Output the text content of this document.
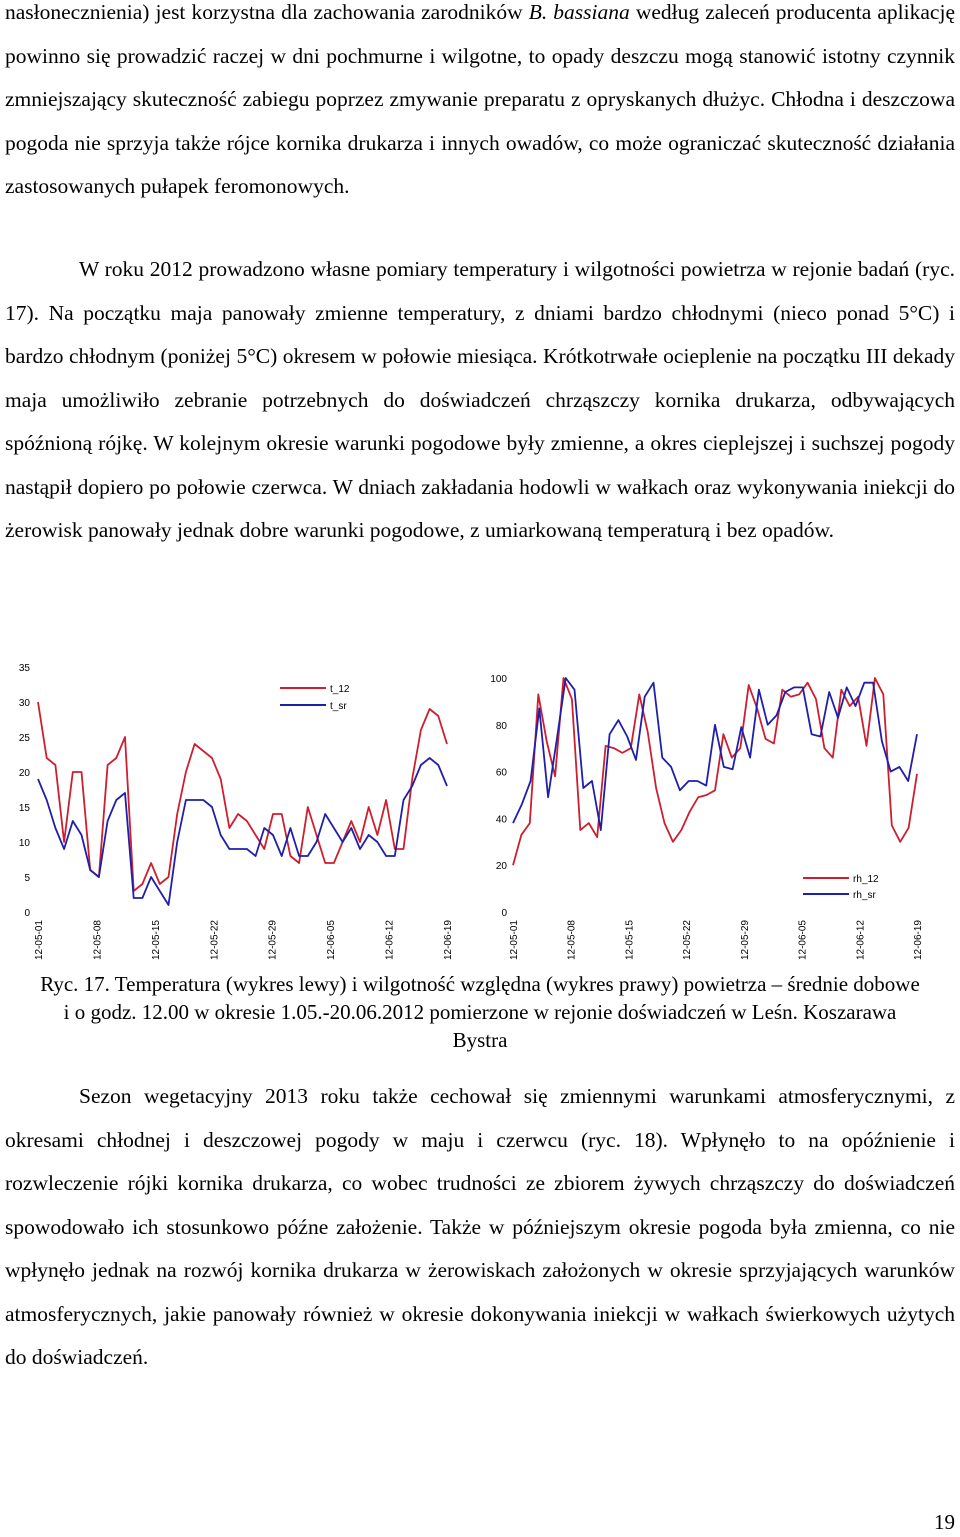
nasłonecznienia) jest korzystna dla zachowania zarodników B. bassiana według zaleceń producenta aplikację powinno się prowadzić raczej w dni pochmurne i wilgotne, to opady deszczu mogą stanowić istotny czynnik zmniejszający skuteczność zabiegu poprzez zmywanie preparatu z opryskanych dłużyc. Chłodna i deszczowa pogoda nie sprzyja także rójce kornika drukarza i innych owadów, co może ograniczać skuteczność działania zastosowanych pułapek feromonowych.

W roku 2012 prowadzono własne pomiary temperatury i wilgotności powietrza w rejonie badań (ryc. 17). Na początku maja panowały zmienne temperatury, z dniami bardzo chłodnymi (nieco ponad 5°C) i bardzo chłodnym (poniżej 5°C) okresem w połowie miesiąca. Krótkotrwałe ocieplenie na początku III dekady maja umożliwiło zebranie potrzebnych do doświadczeń chrząszczy kornika drukarza, odbywających spóźnioną rójkę. W kolejnym okresie warunki pogodowe były zmienne, a okres cieplejszej i suchszej pogody nastąpił dopiero po połowie czerwca. W dniach zakładania hodowli w wałkach oraz wykonywania iniekcji do żerowisk panowały jednak dobre warunki pogodowe, z umiarkowaną temperaturą i bez opadów.

0
5
10
15
20
25
30
35
12-05-01	12-05-08	12-05-15	12-05-22	12-05-29	12-06-05	12-06-12	12-06-19
t_12
t_sr
0
20
40
60
80
100
12-05-01	12-05-08	12-05-15	12-05-22	12-05-29	12-06-05	12-06-12	12-06-19
rh_12
rh_sr

Ryc. 17. Temperatura (wykres lewy) i wilgotność względna (wykres prawy) powietrza – średnie dobowe i o godz. 12.00 w okresie 1.05.-20.06.2012 pomierzone w rejonie doświadczeń w Leśn. Koszarawa Bystra

Sezon wegetacyjny 2013 roku także cechował się zmiennymi warunkami atmosferycznymi, z okresami chłodnej i deszczowej pogody w maju i czerwcu (ryc. 18). Wpłynęło to na opóźnienie i rozwleczenie rójki kornika drukarza, co wobec trudności ze zbiorem żywych chrząszczy do doświadczeń spowodowało ich stosunkowo późne założenie. Także w późniejszym okresie pogoda była zmienna, co nie wpłynęło jednak na rozwój kornika drukarza w żerowiskach założonych w okresie sprzyjających warunków atmosferycznych, jakie panowały również w okresie dokonywania iniekcji w wałkach świerkowych użytych do doświadczeń.

19
